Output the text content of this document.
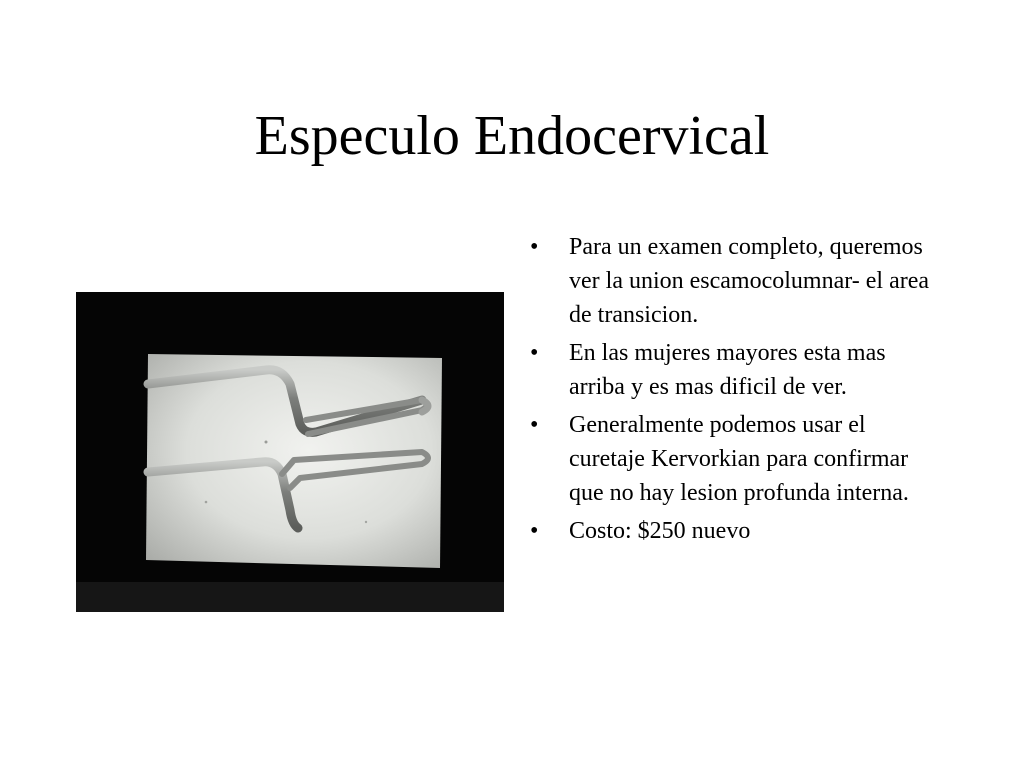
Especulo Endocervical
• Para un examen completo, queremos ver la union escamocolumnar- el area de transicion.
• En las mujeres mayores esta mas arriba y es mas dificil de ver.
• Generalmente podemos usar el curetaje Kervorkian para confirmar que no hay lesion profunda interna.
• Costo: $250 nuevo
